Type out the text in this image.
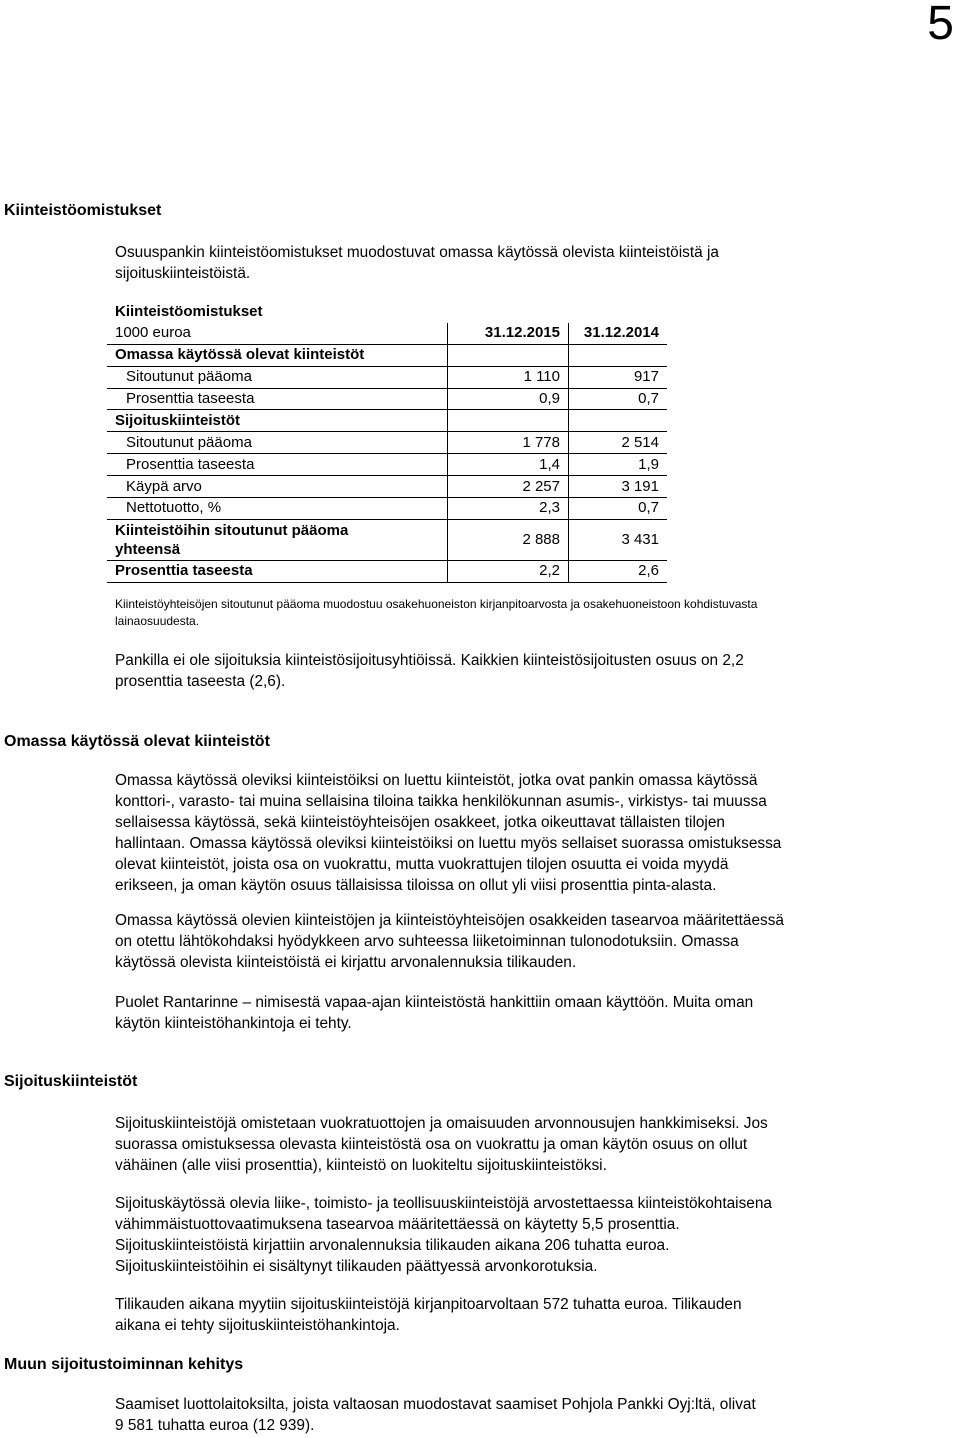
5
Kiinteistöomistukset
Osuuspankin kiinteistöomistukset muodostuvat omassa käytössä olevista kiinteistöistä ja
sijoituskiinteistöistä.
Kiinteistöomistukset		
1000 euroa	31.12.2015	31.12.2014
Omassa käytössä olevat kiinteistöt		
Sitoutunut pääoma	1 110	917
Prosenttia taseesta	0,9	0,7
Sijoituskiinteistöt		
Sitoutunut pääoma	1 778	2 514
Prosenttia taseesta	1,4	1,9
Käypä arvo	2 257	3 191
Nettotuotto, %	2,3	0,7

Kiinteistöihin sitoutunut pääoma
yhteensä	2 888	3 431
Prosenttia taseesta	2,2	2,6
Kiinteistöyhteisöjen sitoutunut pääoma muodostuu osakehuoneiston kirjanpitoarvosta ja osakehuoneistoon kohdistuvasta
lainaosuudesta.
Pankilla ei ole sijoituksia kiinteistösijoitusyhtiöissä. Kaikkien kiinteistösijoitusten osuus on 2,2
prosenttia taseesta (2,6).
Omassa käytössä olevat kiinteistöt
Omassa käytössä oleviksi kiinteistöiksi on luettu kiinteistöt, jotka ovat pankin omassa käytössä
konttori-, varasto- tai muina sellaisina tiloina taikka henkilökunnan asumis-, virkistys- tai muussa
sellaisessa käytössä, sekä kiinteistöyhteisöjen osakkeet, jotka oikeuttavat tällaisten tilojen
hallintaan. Omassa käytössä oleviksi kiinteistöiksi on luettu myös sellaiset suorassa omistuksessa
olevat kiinteistöt, joista osa on vuokrattu, mutta vuokrattujen tilojen osuutta ei voida myydä
erikseen, ja oman käytön osuus tällaisissa tiloissa on ollut yli viisi prosenttia pinta-alasta.
Omassa käytössä olevien kiinteistöjen ja kiinteistöyhteisöjen osakkeiden tasearvoa määritettäessä
on otettu lähtökohdaksi hyödykkeen arvo suhteessa liiketoiminnan tulonodotuksiin. Omassa
käytössä olevista kiinteistöistä ei kirjattu arvonalennuksia tilikauden.
Puolet Rantarinne – nimisestä vapaa-ajan kiinteistöstä hankittiin omaan käyttöön. Muita oman
käytön kiinteistöhankintoja ei tehty.
Sijoituskiinteistöt
Sijoituskiinteistöjä omistetaan vuokratuottojen ja omaisuuden arvonnousujen hankkimiseksi. Jos
suorassa omistuksessa olevasta kiinteistöstä osa on vuokrattu ja oman käytön osuus on ollut
vähäinen (alle viisi prosenttia), kiinteistö on luokiteltu sijoituskiinteistöksi.
Sijoituskäytössä olevia liike-, toimisto- ja teollisuuskiinteistöjä arvostettaessa kiinteistökohtaisena
vähimmäistuottovaatimuksena tasearvoa määritettäessä on käytetty 5,5 prosenttia.
Sijoituskiinteistöistä kirjattiin arvonalennuksia tilikauden aikana 206 tuhatta euroa.
Sijoituskiinteistöihin ei sisältynyt tilikauden päättyessä arvonkorotuksia.
Tilikauden aikana myytiin sijoituskiinteistöjä kirjanpitoarvoltaan 572 tuhatta euroa. Tilikauden
aikana ei tehty sijoituskiinteistöhankintoja.
Muun sijoitustoiminnan kehitys
Saamiset luottolaitoksilta, joista valtaosan muodostavat saamiset Pohjola Pankki Oyj:ltä, olivat
9 581 tuhatta euroa (12 939).
